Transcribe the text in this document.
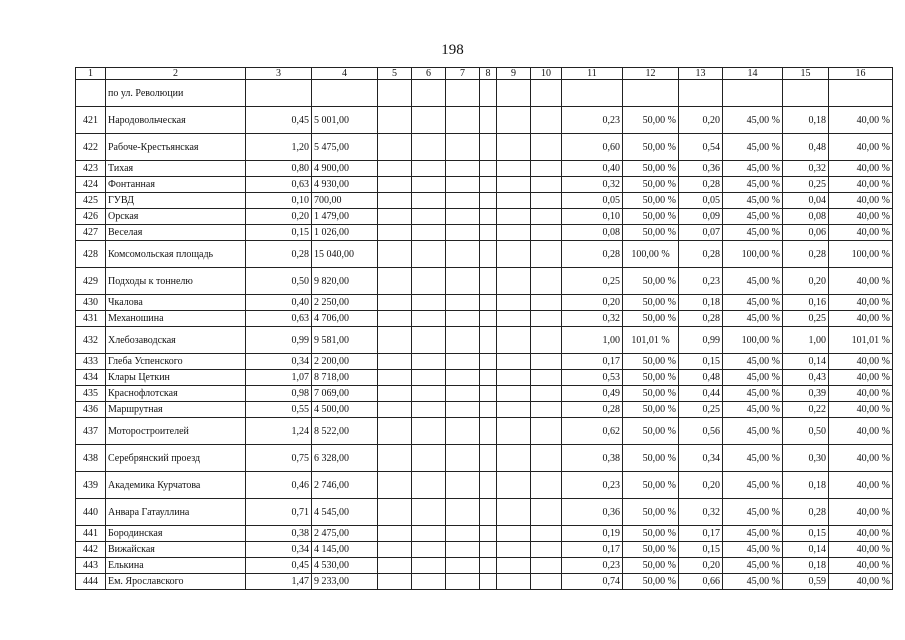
198
1	2	3	4	5	6	7	8	9	10	11	12	13	14	15	16
	по ул. Революции														
421	Народовольческая	0,45	5 001,00							0,23	50,00 %	0,20	45,00 %	0,18	40,00 %
422	Рабоче-Крестьянская	1,20	5 475,00							0,60	50,00 %	0,54	45,00 %	0,48	40,00 %
423	Тихая	0,80	4 900,00							0,40	50,00 %	0,36	45,00 %	0,32	40,00 %
424	Фонтанная	0,63	4 930,00							0,32	50,00 %	0,28	45,00 %	0,25	40,00 %
425	ГУВД	0,10	700,00							0,05	50,00 %	0,05	45,00 %	0,04	40,00 %
426	Орская	0,20	1 479,00							0,10	50,00 %	0,09	45,00 %	0,08	40,00 %
427	Веселая	0,15	1 026,00							0,08	50,00 %	0,07	45,00 %	0,06	40,00 %
428	Комсомольская площадь	0,28	15 040,00							0,28	100,00 %	0,28	100,00 %	0,28	100,00 %
429	Подходы к тоннелю	0,50	9 820,00							0,25	50,00 %	0,23	45,00 %	0,20	40,00 %
430	Чкалова	0,40	2 250,00							0,20	50,00 %	0,18	45,00 %	0,16	40,00 %
431	Механошина	0,63	4 706,00							0,32	50,00 %	0,28	45,00 %	0,25	40,00 %
432	Хлебозаводская	0,99	9 581,00							1,00	101,01 %	0,99	100,00 %	1,00	101,01 %
433	Глеба Успенского	0,34	2 200,00							0,17	50,00 %	0,15	45,00 %	0,14	40,00 %
434	Клары Цеткин	1,07	8 718,00							0,53	50,00 %	0,48	45,00 %	0,43	40,00 %
435	Краснофлотская	0,98	7 069,00							0,49	50,00 %	0,44	45,00 %	0,39	40,00 %
436	Маршрутная	0,55	4 500,00							0,28	50,00 %	0,25	45,00 %	0,22	40,00 %
437	Моторостроителей	1,24	8 522,00							0,62	50,00 %	0,56	45,00 %	0,50	40,00 %
438	Серебрянский проезд	0,75	6 328,00							0,38	50,00 %	0,34	45,00 %	0,30	40,00 %
439	Академика Курчатова	0,46	2 746,00							0,23	50,00 %	0,20	45,00 %	0,18	40,00 %
440	Анвара Гатауллина	0,71	4 545,00							0,36	50,00 %	0,32	45,00 %	0,28	40,00 %
441	Бородинская	0,38	2 475,00							0,19	50,00 %	0,17	45,00 %	0,15	40,00 %
442	Вижайская	0,34	4 145,00							0,17	50,00 %	0,15	45,00 %	0,14	40,00 %
443	Елькина	0,45	4 530,00							0,23	50,00 %	0,20	45,00 %	0,18	40,00 %
444	Ем. Ярославского	1,47	9 233,00							0,74	50,00 %	0,66	45,00 %	0,59	40,00 %
